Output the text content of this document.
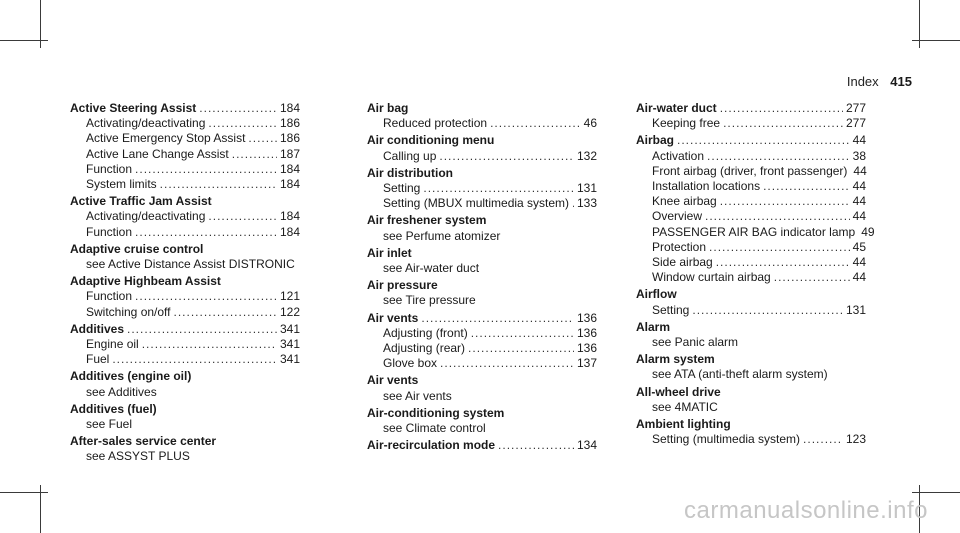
Index 415
Active Steering Assist .....	184
Activating/deactivating .....	186
Active Emergency Stop Assist .....	186
Active Lane Change Assist .....	187
Function .....	184
System limits .....	184
Active Traffic Jam Assist
Activating/deactivating .....	184
Function .....	184
Adaptive cruise control
see Active Distance Assist DISTRONIC
Adaptive Highbeam Assist
Function .....	121
Switching on/off .....	122
Additives .....	341
Engine oil .....	341
Fuel .....	341
Additives (engine oil)
see Additives
Additives (fuel)
see Fuel
After-sales service center
see ASSYST PLUS
Air bag
Reduced protection .....	46
Air conditioning menu
Calling up .....	132
Air distribution
Setting .....	131
Setting (MBUX multimedia system) ..... 133
Air freshener system
see Perfume atomizer
Air inlet
see Air-water duct
Air pressure
see Tire pressure
Air vents .....	136
Adjusting (front) .....	136
Adjusting (rear) .....	136
Glove box .....	137
Air vents
see Air vents
Air-conditioning system
see Climate control
Air-recirculation mode .....	134
Air-water duct .....	277
Keeping free .....	277
Airbag .....	44
Activation .....	38
Front airbag (driver, front passenger) 44
Installation locations .....	44
Knee airbag .....	44
Overview .....	44
PASSENGER AIR BAG indicator lamp 49
Protection .....	45
Side airbag .....	44
Window curtain airbag .....	44
Airflow
Setting .....	131
Alarm
see Panic alarm
Alarm system
see ATA (anti-theft alarm system)
All-wheel drive
see 4MATIC
Ambient lighting
Setting (multimedia system) .....	123
carmanualsonline.info
